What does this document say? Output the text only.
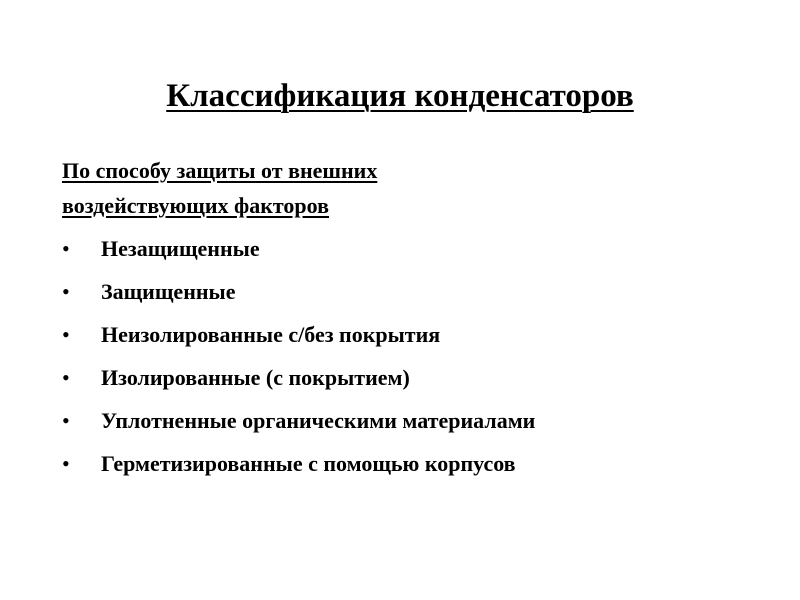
Классификация конденсаторов
По способу защиты от внешних
воздействующих факторов
•	Незащищенные
•	Защищенные
•	Неизолированные с/без покрытия
•	Изолированные (с покрытием)
•	Уплотненные органическими материалами
•	Герметизированные с помощью корпусов
